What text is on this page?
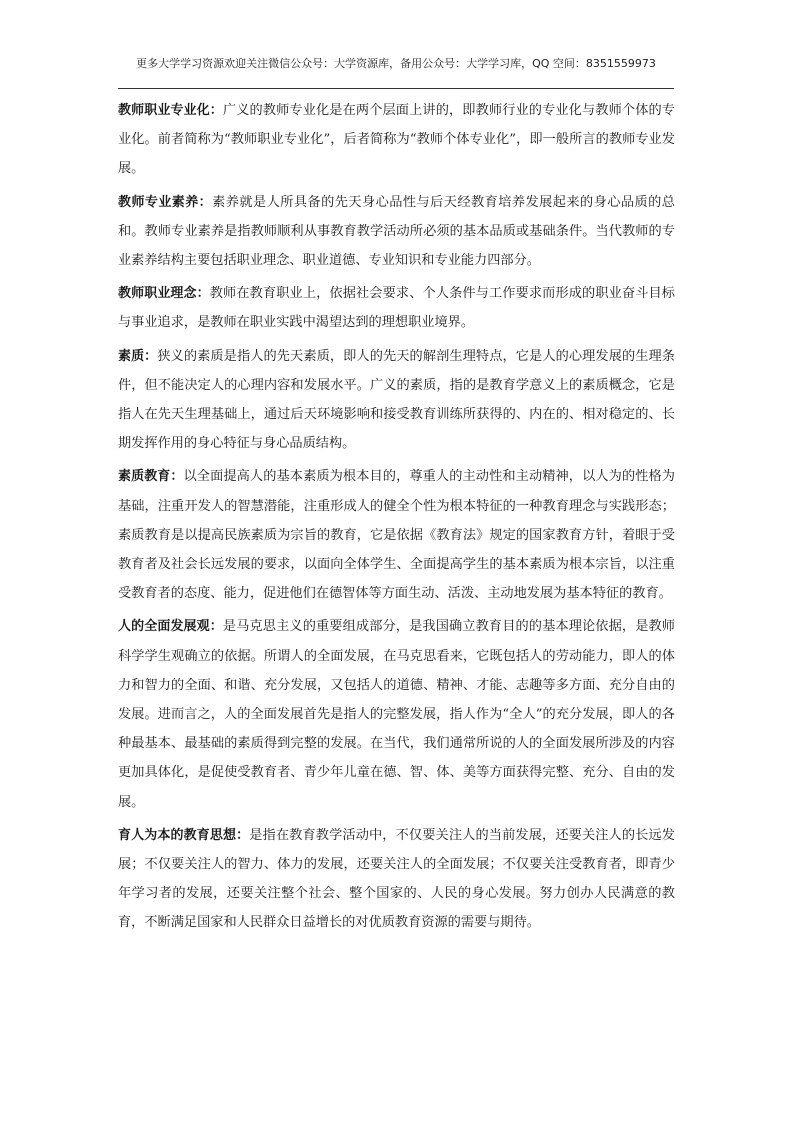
更多大学学习资源欢迎关注微信公众号：大学资源库，备用公众号：大学学习库，QQ 空间：8351559973

教师职业专业化：广义的教师专业化是在两个层面上讲的，即教师行业的专业化与教师个体的专业化。前者简称为“教师职业专业化”，后者简称为“教师个体专业化”，即一般所言的教师专业发展。

教师专业素养：素养就是人所具备的先天身心品性与后天经教育培养发展起来的身心品质的总和。教师专业素养是指教师顺利从事教育教学活动所必须的基本品质或基础条件。当代教师的专业素养结构主要包括职业理念、职业道德、专业知识和专业能力四部分。

教师职业理念：教师在教育职业上，依据社会要求、个人条件与工作要求而形成的职业奋斗目标与事业追求，是教师在职业实践中渴望达到的理想职业境界。

素质：狭义的素质是指人的先天素质，即人的先天的解剖生理特点，它是人的心理发展的生理条件，但不能决定人的心理内容和发展水平。广义的素质，指的是教育学意义上的素质概念，它是指人在先天生理基础上，通过后天环境影响和接受教育训练所获得的、内在的、相对稳定的、长期发挥作用的身心特征与身心品质结构。

素质教育：以全面提高人的基本素质为根本目的，尊重人的主动性和主动精神，以人为的性格为基础，注重开发人的智慧潜能，注重形成人的健全个性为根本特征的一种教育理念与实践形态；素质教育是以提高民族素质为宗旨的教育，它是依据《教育法》规定的国家教育方针，着眼于受教育者及社会长远发展的要求，以面向全体学生、全面提高学生的基本素质为根本宗旨，以注重受教育者的态度、能力，促进他们在德智体等方面生动、活泼、主动地发展为基本特征的教育。

人的全面发展观：是马克思主义的重要组成部分，是我国确立教育目的的基本理论依据，是教师科学学生观确立的依据。所谓人的全面发展，在马克思看来，它既包括人的劳动能力，即人的体力和智力的全面、和谐、充分发展，又包括人的道德、精神、才能、志趣等多方面、充分自由的发展。进而言之，人的全面发展首先是指人的完整发展，指人作为“全人”的充分发展，即人的各种最基本、最基础的素质得到完整的发展。在当代，我们通常所说的人的全面发展所涉及的内容更加具体化，是促使受教育者、青少年儿童在德、智、体、美等方面获得完整、充分、自由的发展。

育人为本的教育思想：是指在教育教学活动中，不仅要关注人的当前发展，还要关注人的长远发展；不仅要关注人的智力、体力的发展，还要关注人的全面发展；不仅要关注受教育者，即青少年学习者的发展，还要关注整个社会、整个国家的、人民的身心发展。努力创办人民满意的教育，不断满足国家和人民群众日益增长的对优质教育资源的需要与期待。
